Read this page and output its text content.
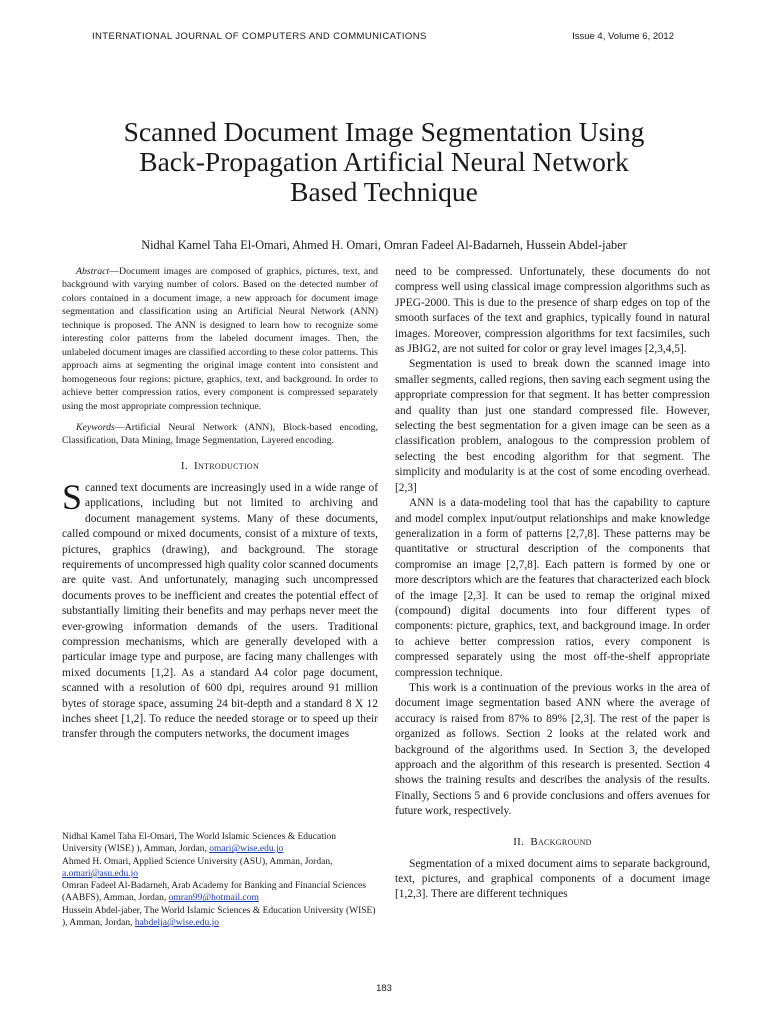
INTERNATIONAL JOURNAL OF COMPUTERS AND COMMUNICATIONS	Issue 4, Volume 6, 2012
Scanned Document Image Segmentation Using
Back-Propagation Artificial Neural Network
Based Technique
Nidhal Kamel Taha El-Omari, Ahmed H. Omari, Omran Fadeel Al-Badarneh, Hussein Abdel-jaber

Abstract—Document images are composed of graphics, pictures, text, and background with varying number of colors. Based on the detected number of colors contained in a document image, a new approach for document image segmentation and classification using an Artificial Neural Network (ANN) technique is proposed. The ANN is designed to learn how to recognize some interesting color patterns from the labeled document images. Then, the unlabeled document images are classified according to these color patterns. This approach aims at segmenting the original image content into consistent and homogeneous four regions: picture, graphics, text, and background. In order to achieve better compression ratios, every component is compressed separately using the most appropriate compression technique.

Keywords—Artificial Neural Network (ANN), Block-based encoding, Classification, Data Mining, Image Segmentation, Layered encoding.

I. Introduction

Scanned text documents are increasingly used in a wide range of applications, including but not limited to archiving and document management systems. Many of these documents, called compound or mixed documents, consist of a mixture of texts, pictures, graphics (drawing), and background. The storage requirements of uncompressed high quality color scanned documents are quite vast. And unfortunately, managing such uncompressed documents proves to be inefficient and creates the potential effect of substantially limiting their benefits and may perhaps never meet the ever-growing information demands of the users. Traditional compression mechanisms, which are generally developed with a particular image type and purpose, are facing many challenges with mixed documents [1,2]. As a standard A4 color page document, scanned with a resolution of 600 dpi, requires around 91 million bytes of storage space, assuming 24 bit-depth and a standard 8 X 12 inches sheet [1,2]. To reduce the needed storage or to speed up their transfer through the computers networks, the document images

need to be compressed. Unfortunately, these documents do not compress well using classical image compression algorithms such as JPEG-2000. This is due to the presence of sharp edges on top of the smooth surfaces of the text and graphics, typically found in natural images. Moreover, compression algorithms for text facsimiles, such as JBIG2, are not suited for color or gray level images [2,3,4,5].

Segmentation is used to break down the scanned image into smaller segments, called regions, then saving each segment using the appropriate compression for that segment. It has better compression and quality than just one standard compressed file. However, selecting the best segmentation for a given image can be seen as a classification problem, analogous to the compression problem of selecting the best encoding algorithm for that segment. The simplicity and modularity is at the cost of some encoding overhead. [2,3]

ANN is a data-modeling tool that has the capability to capture and model complex input/output relationships and make knowledge generalization in a form of patterns [2,7,8]. These patterns may be quantitative or structural description of the components that compromise an image [2,7,8]. Each pattern is formed by one or more descriptors which are the features that characterized each block of the image [2,3]. It can be used to remap the original mixed (compound) digital documents into four different types of components: picture, graphics, text, and background image. In order to achieve better compression ratios, every component is compressed separately using the most off-the-shelf appropriate compression technique.

This work is a continuation of the previous works in the area of document image segmentation based ANN where the average of accuracy is raised from 87% to 89% [2,3]. The rest of the paper is organized as follows. Section 2 looks at the related work and background of the algorithms used. In Section 3, the developed approach and the algorithm of this research is presented. Section 4 shows the training results and describes the analysis of the results. Finally, Sections 5 and 6 provide conclusions and offers avenues for future work, respectively.

II. Background

Segmentation of a mixed document aims to separate background, text, pictures, and graphical components of a document image [1,2,3]. There are different techniques

Nidhal Kamel Taha El-Omari, The World Islamic Sciences & Education University (WISE) ), Amman, Jordan, omari@wise.edu.jo

Ahmed H. Omari, Applied Science University (ASU), Amman, Jordan, a.omari@asu.edu.jo

Omran Fadeel Al-Badarneh, Arab Academy for Banking and Financial Sciences (AABFS), Amman, Jordan, omran99@hotmail.com

Hussein Abdel-jaber, The World Islamic Sciences & Education University (WISE) ), Amman, Jordan, habdelja@wise.edu.jo

183
